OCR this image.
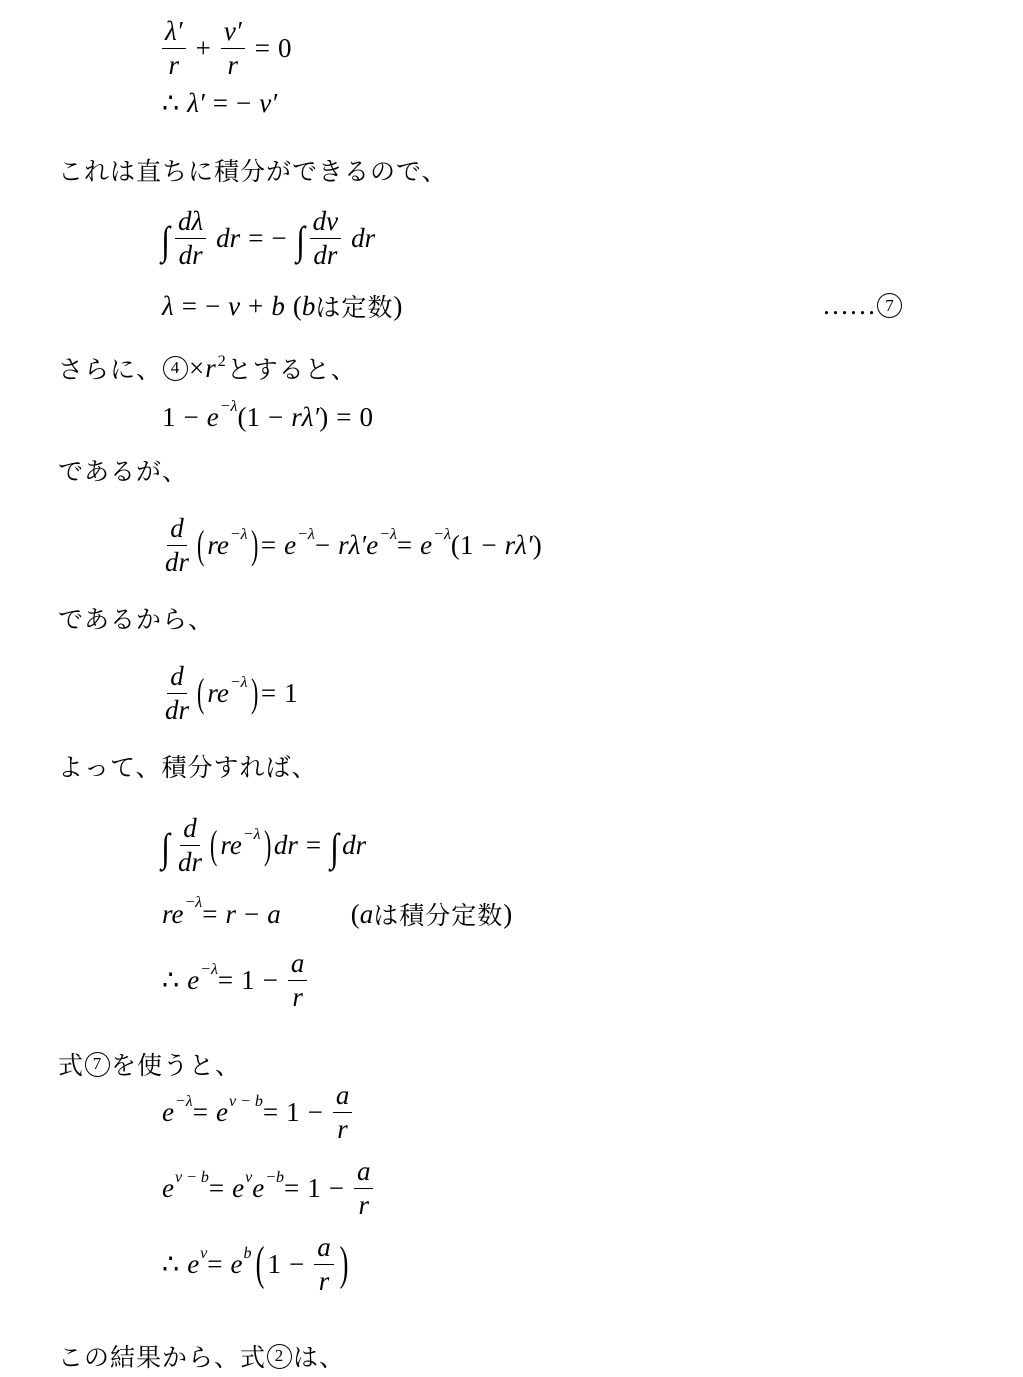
$\frac{\lambda'}{r} + \frac{\nu'}{r} = 0$
∴ λ′ = − ν′
これは直ちに積分ができるので、
∫ $\frac{d\lambda}{dr}$ dr = − ∫ $\frac{d\nu}{dr}$ dr
λ = − ν + b ( b は定数 )	…… 7
さらに、 $4 \times r^2$ とすると、
1 − e −λ (1 − rλ′ ) = 0
であるが、
$\frac{d}{dr}$ ( re −λ ) = e −λ − rλ′e −λ = e −λ (1 − rλ′ )
であるから、
$\frac{d}{dr}$ ( re −λ ) = 1
よって、積分すれば、
∫ $\frac{d}{dr}$ ( re −λ ) dr = ∫ dr
re −λ = r − a	( a は積分定数 )
∴ $e -\lambda = 1 - \frac{a}{r}$
式 7 を使うと、
e −λ = e $\nu - b = 1 - \frac{a}{r}$
e ν − b = e ν $e -b = 1 - \frac{a}{r}$
∴ e ν = e b ( $1 - \frac{a}{r}$ )
この結果から、式 2 は、
